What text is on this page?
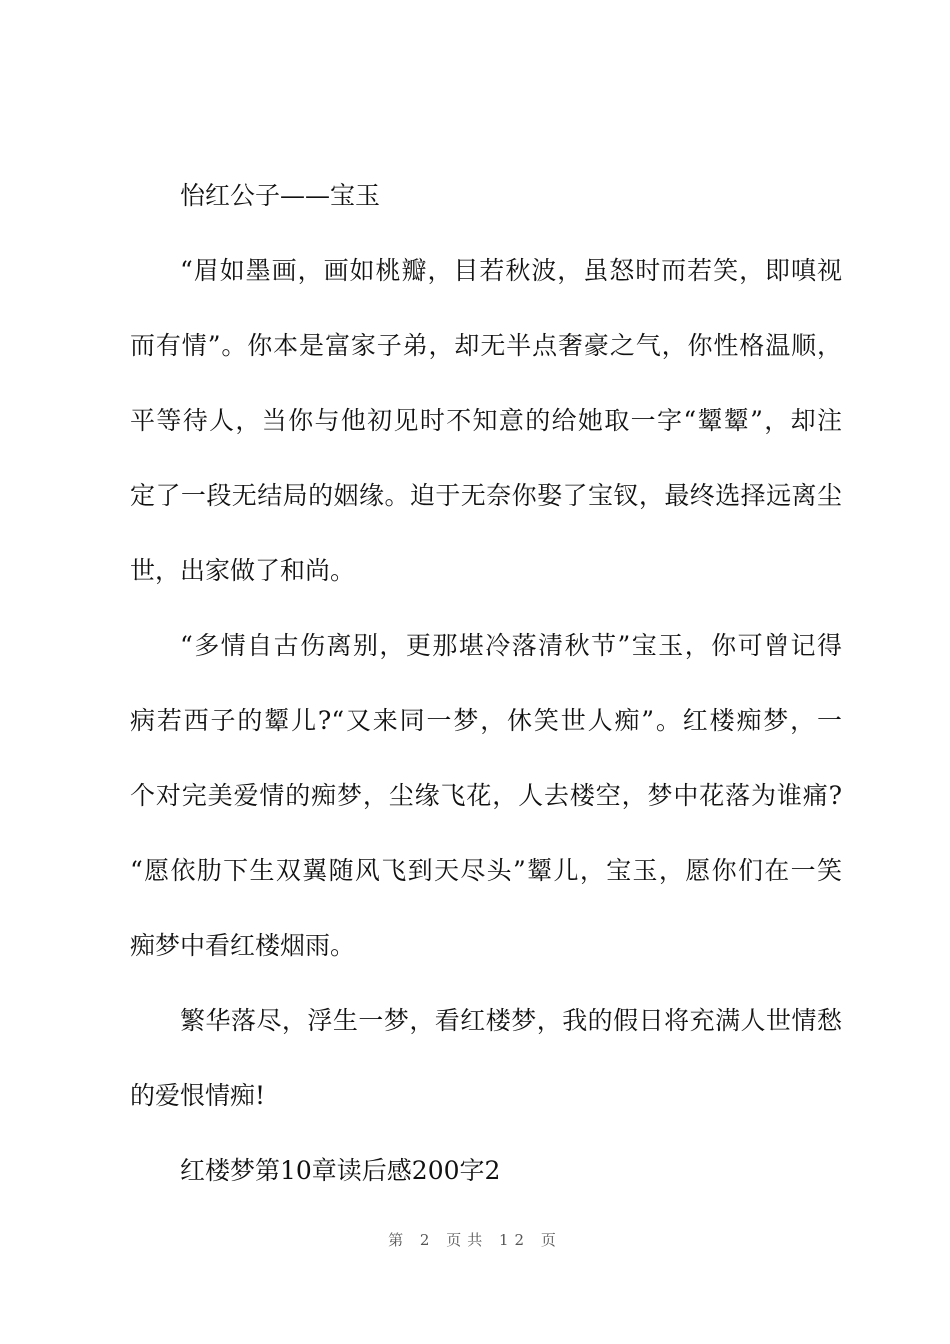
怡红公子——宝玉
“眉如墨画，画如桃瓣，目若秋波，虽怒时而若笑，即嗔视
而有情”。你本是富家子弟，却无半点奢豪之气，你性格温顺，
平等待人，当你与他初见时不知意的给她取一字“颦颦”，却注
定了一段无结局的姻缘。迫于无奈你娶了宝钗，最终选择远离尘
世，出家做了和尚。
“多情自古伤离别，更那堪冷落清秋节”宝玉，你可曾记得
病若西子的颦儿?“又来同一梦，休笑世人痴”。红楼痴梦，一
个对完美爱情的痴梦，尘缘飞花，人去楼空，梦中花落为谁痛?
“愿依肋下生双翼随风飞到天尽头”颦儿，宝玉，愿你们在一笑
痴梦中看红楼烟雨。
繁华落尽，浮生一梦，看红楼梦，我的假日将充满人世情愁
的爱恨情痴!
红楼梦第10章读后感200字2
第 2 页共 12 页
